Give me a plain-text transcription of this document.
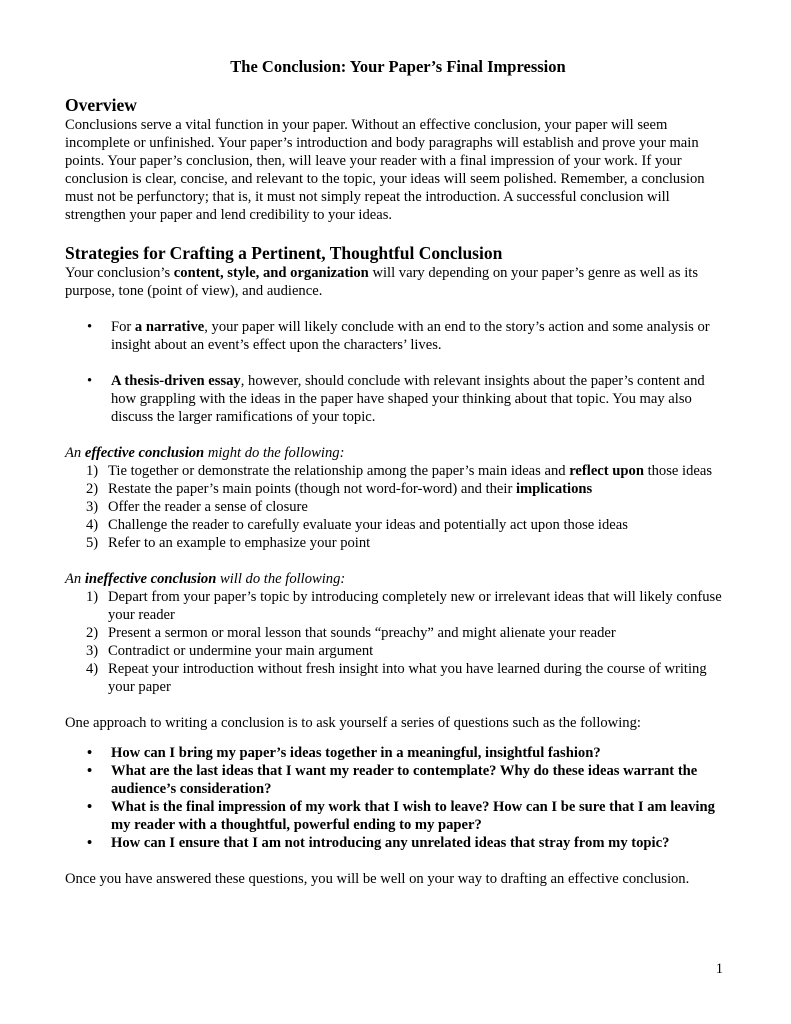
The Conclusion: Your Paper’s Final Impression
Overview

Conclusions serve a vital function in your paper. Without an effective conclusion, your paper will seem incomplete or unfinished. Your paper’s introduction and body paragraphs will establish and prove your main points. Your paper’s conclusion, then, will leave your reader with a final impression of your work. If your conclusion is clear, concise, and relevant to the topic, your ideas will seem polished. Remember, a conclusion must not be perfunctory; that is, it must not simply repeat the introduction. A successful conclusion will strengthen your paper and lend credibility to your ideas.

Strategies for Crafting a Pertinent, Thoughtful Conclusion

Your conclusion’s content, style, and organization will vary depending on your paper’s genre as well as its purpose, tone (point of view), and audience.

• For a narrative, your paper will likely conclude with an end to the story’s action and some analysis or insight about an event’s effect upon the characters’ lives.
• A thesis-driven essay, however, should conclude with relevant insights about the paper’s content and how grappling with the ideas in the paper have shaped your thinking about that topic. You may also discuss the larger ramifications of your topic.

An effective conclusion might do the following:

1) Tie together or demonstrate the relationship among the paper’s main ideas and reflect upon those ideas
2) Restate the paper’s main points (though not word-for-word) and their implications
3) Offer the reader a sense of closure
4) Challenge the reader to carefully evaluate your ideas and potentially act upon those ideas
5) Refer to an example to emphasize your point

An ineffective conclusion will do the following:

1) Depart from your paper’s topic by introducing completely new or irrelevant ideas that will likely confuse your reader
2) Present a sermon or moral lesson that sounds “preachy” and might alienate your reader
3) Contradict or undermine your main argument
4) Repeat your introduction without fresh insight into what you have learned during the course of writing your paper

One approach to writing a conclusion is to ask yourself a series of questions such as the following:

• How can I bring my paper’s ideas together in a meaningful, insightful fashion?
• What are the last ideas that I want my reader to contemplate? Why do these ideas warrant the audience’s consideration?
• What is the final impression of my work that I wish to leave? How can I be sure that I am leaving my reader with a thoughtful, powerful ending to my paper?
• How can I ensure that I am not introducing any unrelated ideas that stray from my topic?

Once you have answered these questions, you will be well on your way to drafting an effective conclusion.

1
